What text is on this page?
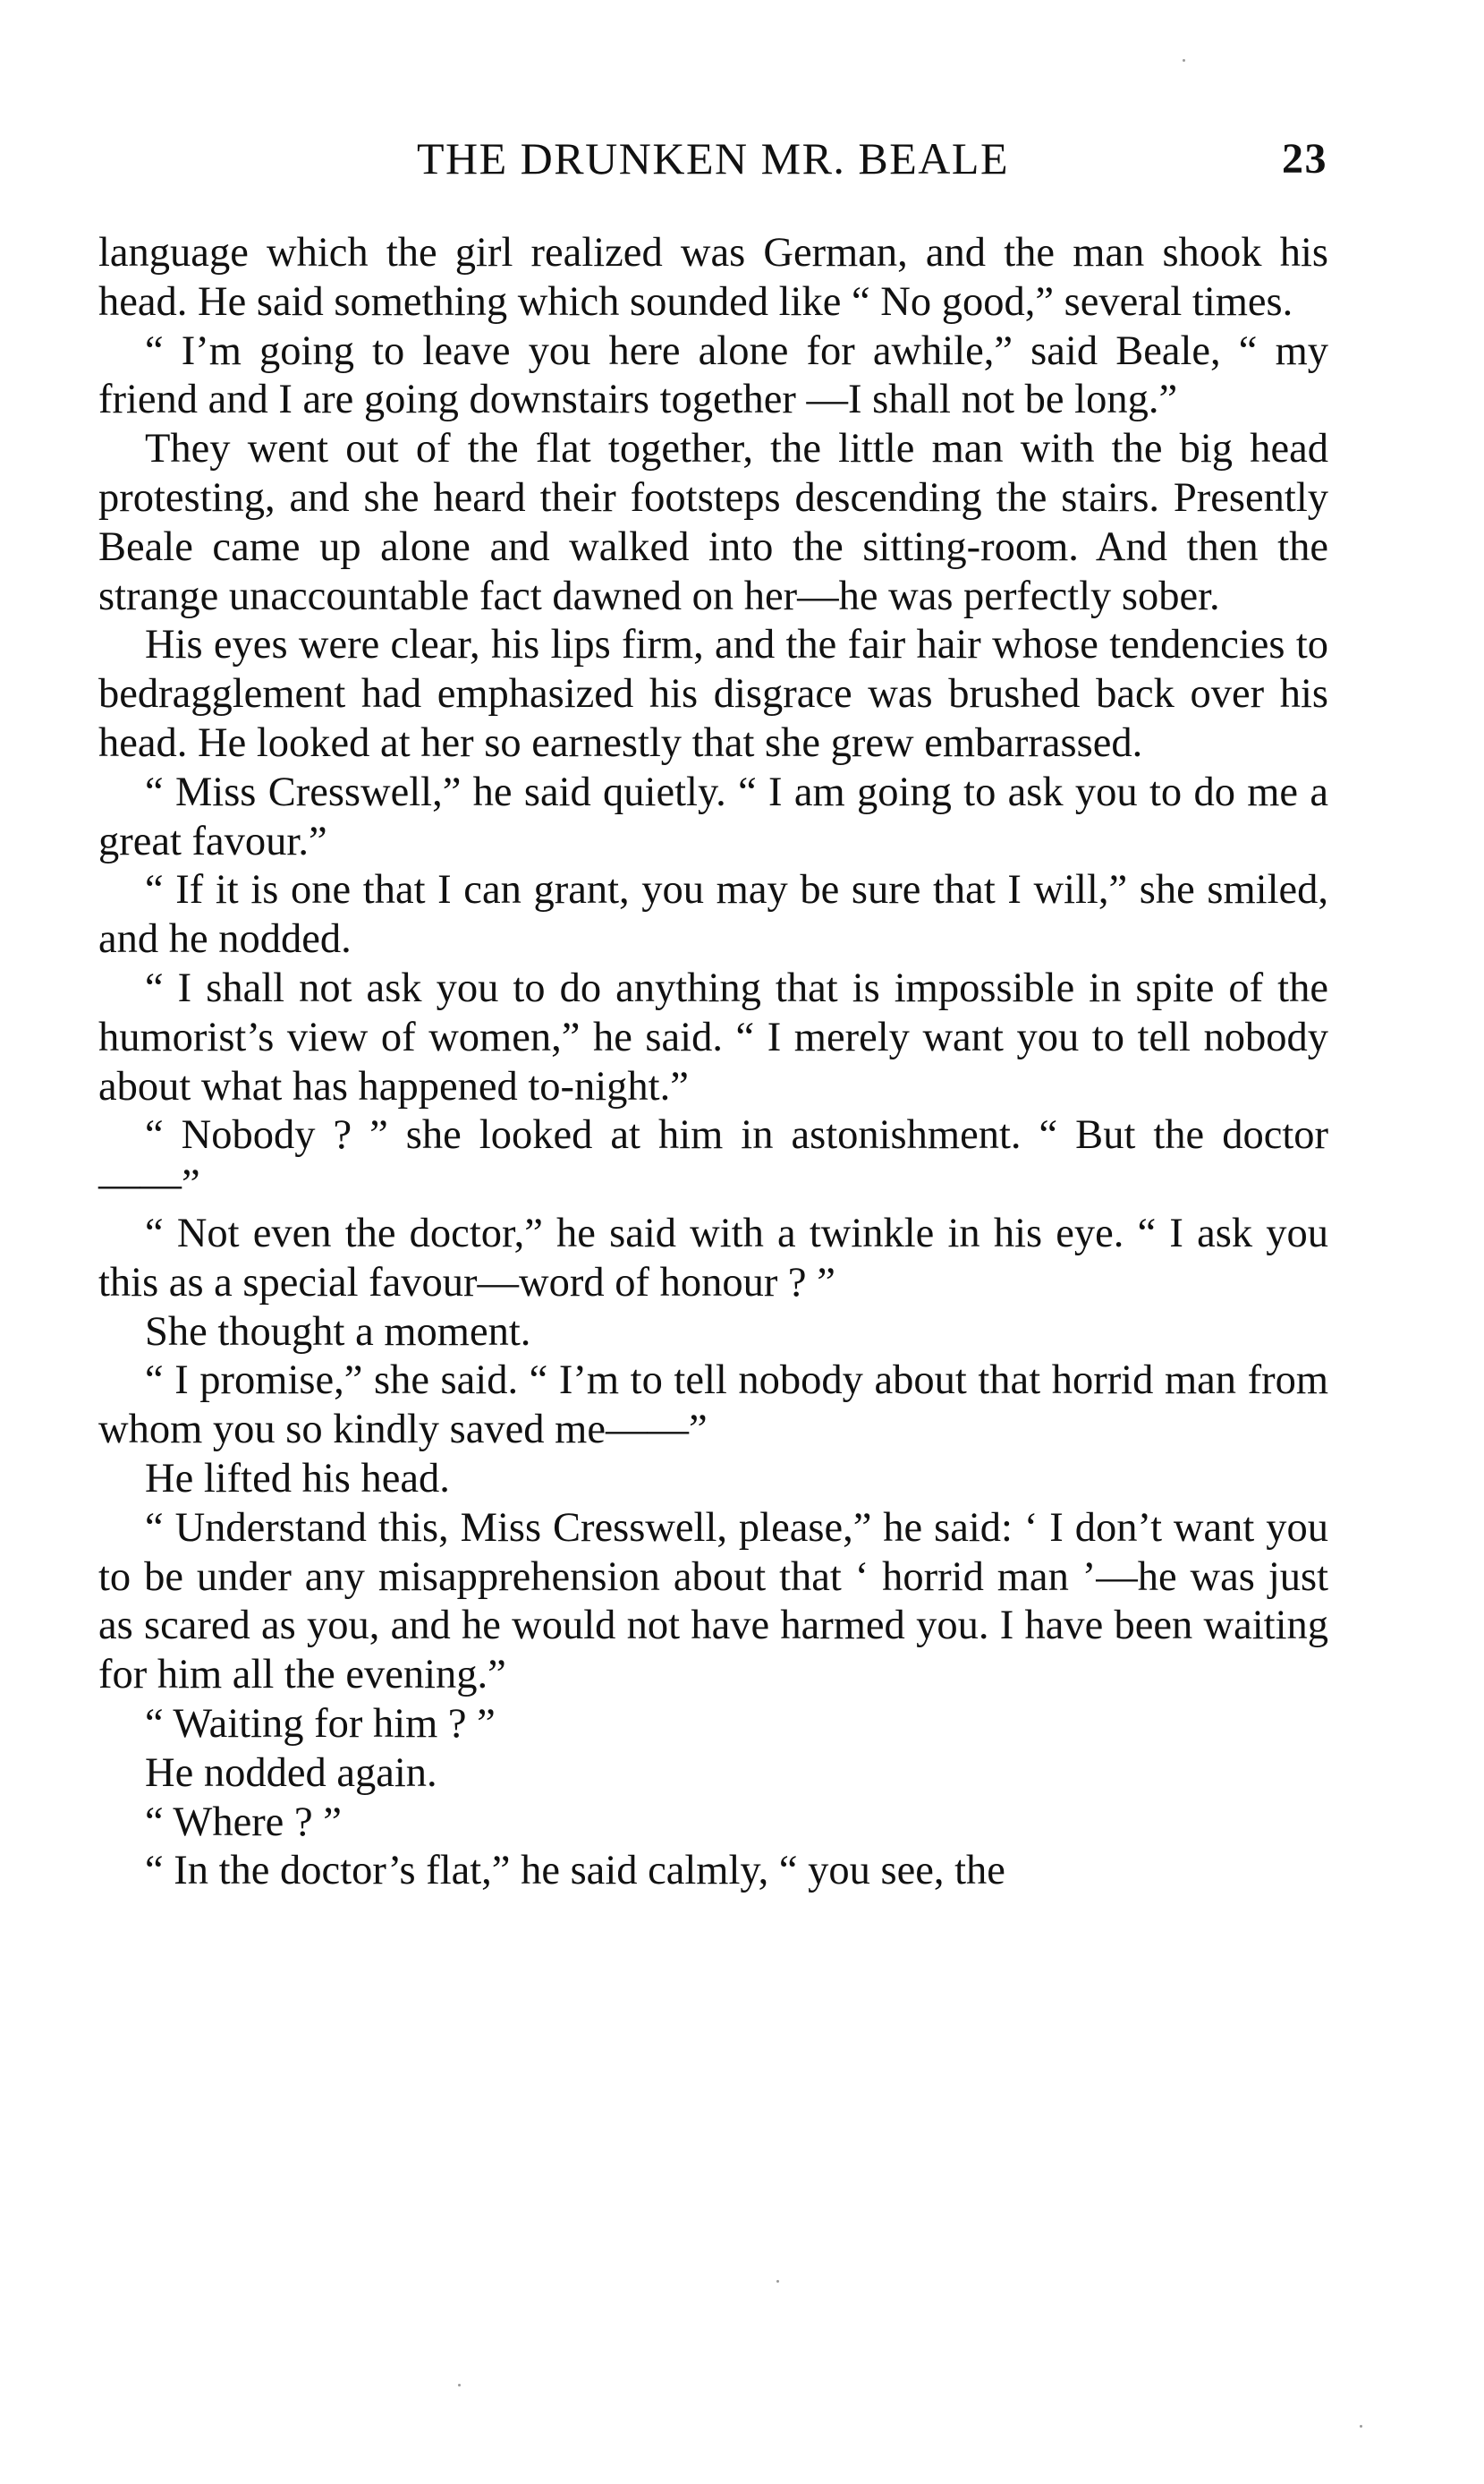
THE DRUNKEN MR. BEALE	23

language which the girl realized was German, and the man shook his head. He said something which sounded like “ No good,” several times.

“ I’m going to leave you here alone for awhile,” said Beale, “ my friend and I are going downstairs together —I shall not be long.”

They went out of the flat together, the little man with the big head protesting, and she heard their footsteps descending the stairs. Presently Beale came up alone and walked into the sitting-room. And then the strange unaccountable fact dawned on her—he was perfectly sober.

His eyes were clear, his lips firm, and the fair hair whose tendencies to bedragglement had emphasized his disgrace was brushed back over his head. He looked at her so earnestly that she grew embarrassed.

“ Miss Cresswell,” he said quietly. “ I am going to ask you to do me a great favour.”

“ If it is one that I can grant, you may be sure that I will,” she smiled, and he nodded.

“ I shall not ask you to do anything that is impossible in spite of the humorist’s view of women,” he said. “ I merely want you to tell nobody about what has happened to-night.”

“ Nobody ? ” she looked at him in astonishment. “ But the doctor——”

“ Not even the doctor,” he said with a twinkle in his eye. “ I ask you this as a special favour—word of honour ? ”

She thought a moment.

“ I promise,” she said. “ I’m to tell nobody about that horrid man from whom you so kindly saved me——”

He lifted his head.

“ Understand this, Miss Cresswell, please,” he said: ‘ I don’t want you to be under any misapprehension about that ‘ horrid man ’—he was just as scared as you, and he would not have harmed you. I have been waiting for him all the evening.”

“ Waiting for him ? ”

He nodded again.

“ Where ? ”

“ In the doctor’s flat,” he said calmly, “ you see, the
